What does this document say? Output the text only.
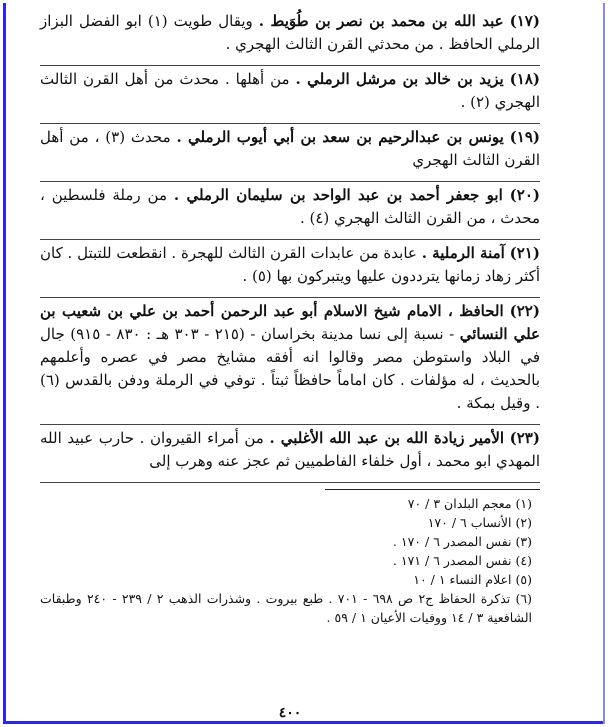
(١٧) عبد الله بن محمد بن نصر بن طُوَيط . ويقال طويت (١) ابو الفضل البزاز الرملي الحافظ . من محدثي القرن الثالث الهجري .

(١٨) يزيد بن خالد بن مرشل الرملي . من أهلها . محدث من أهل القرن الثالث الهجري (٢) .

(١٩) يونس بن عبدالرحيم بن سعد بن أبي أيوب الرملي . محدث (٣) ، من أهل القرن الثالث الهجري

(٢٠) ابو جعفر أحمد بن عبد الواحد بن سليمان الرملي . من رملة فلسطين ، محدث ، من القرن الثالث الهجري (٤) .

(٢١) آمنة الرملية . عابدة من عابدات القرن الثالث للهجرة . انقطعت للتبتل . كان أكثر زهاد زمانها يترددون عليها ويتبركون بها (٥) .

(٢٢) الحافظ ، الامام شيخ الاسلام أبو عبد الرحمن أحمد بن علي بن شعيب بن علي النسائي - نسبة إلى نسا مدينة بخراسان - (٢١٥ - ٣٠٣ هـ : ٨٣٠ - ٩١٥) جال في البلاد واستوطن مصر وقالوا انه أفقه مشايخ مصر في عصره وأعلمهم بالحديث ، له مؤلفات . كان اماماً حافظاً ثبتاً . توفي في الرملة ودفن بالقدس (٦) . وقيل بمكة .

(٢٣) الأمير زيادة الله بن عبد الله الأغلبي . من أمراء القيروان . حارب عبيد الله المهدي ابو محمد ، أول خلفاء الفاطميين ثم عجز عنه وهرب إلى

(١) معجم البلدان ٣ / ٧٠

(٢) الأنساب ٦ / ١٧٠

(٣) نفس المصدر ٦ / ١٧٠ .

(٤) نفس المصدر ٦ / ١٧١ .

(٥) اعلام النساء ١ / ١٠

(٦) تذكرة الحفاظ ج٢ ص ٦٩٨ - ٧٠١ . طبع بيروت . وشذرات الذهب ٢ / ٢٣٩ - ٢٤٠ وطبقات الشافعية ٣ / ١٤ ووفيات الأعيان ١ / ٥٩ .

٤٠٠
